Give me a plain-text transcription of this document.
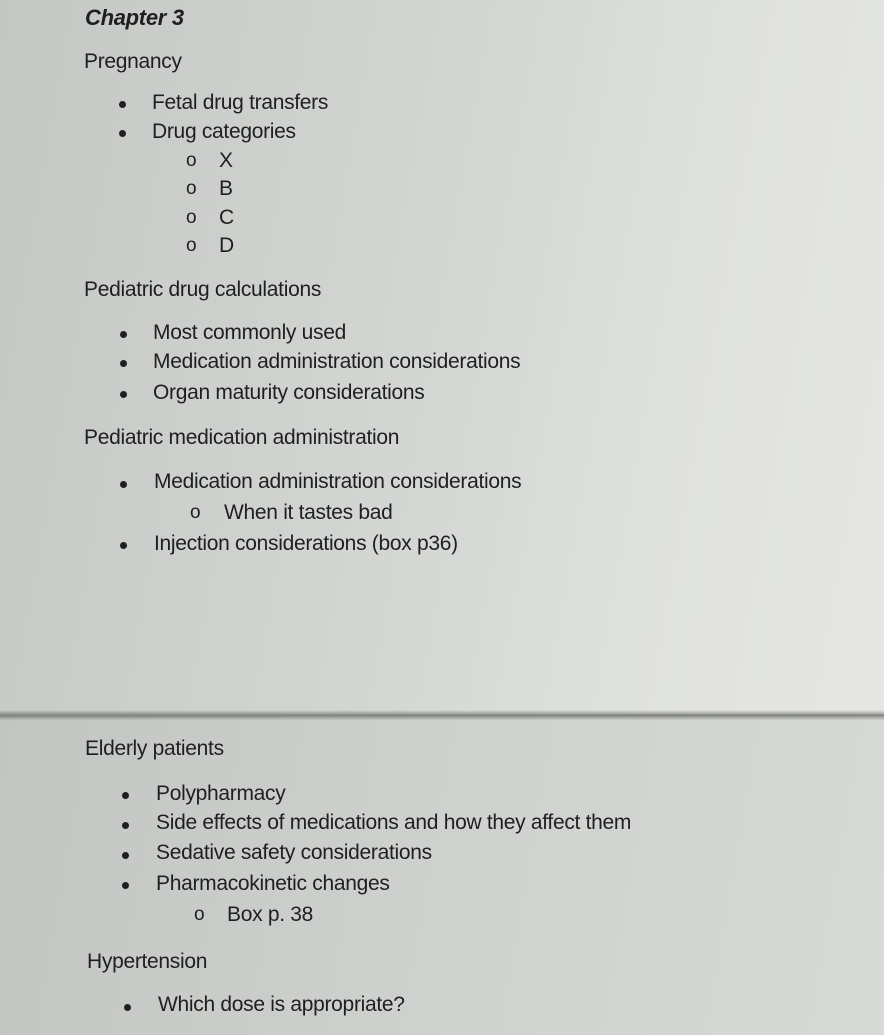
Chapter 3
Pregnancy
Fetal drug transfers
Drug categories
o X
o B
o C
o D
Pediatric drug calculations
Most commonly used
Medication administration considerations
Organ maturity considerations
Pediatric medication administration
Medication administration considerations
o When it tastes bad
Injection considerations (box p36)
Elderly patients
Polypharmacy
Side effects of medications and how they affect them
Sedative safety considerations
Pharmacokinetic changes
o Box p. 38
Hypertension
Which dose is appropriate?
